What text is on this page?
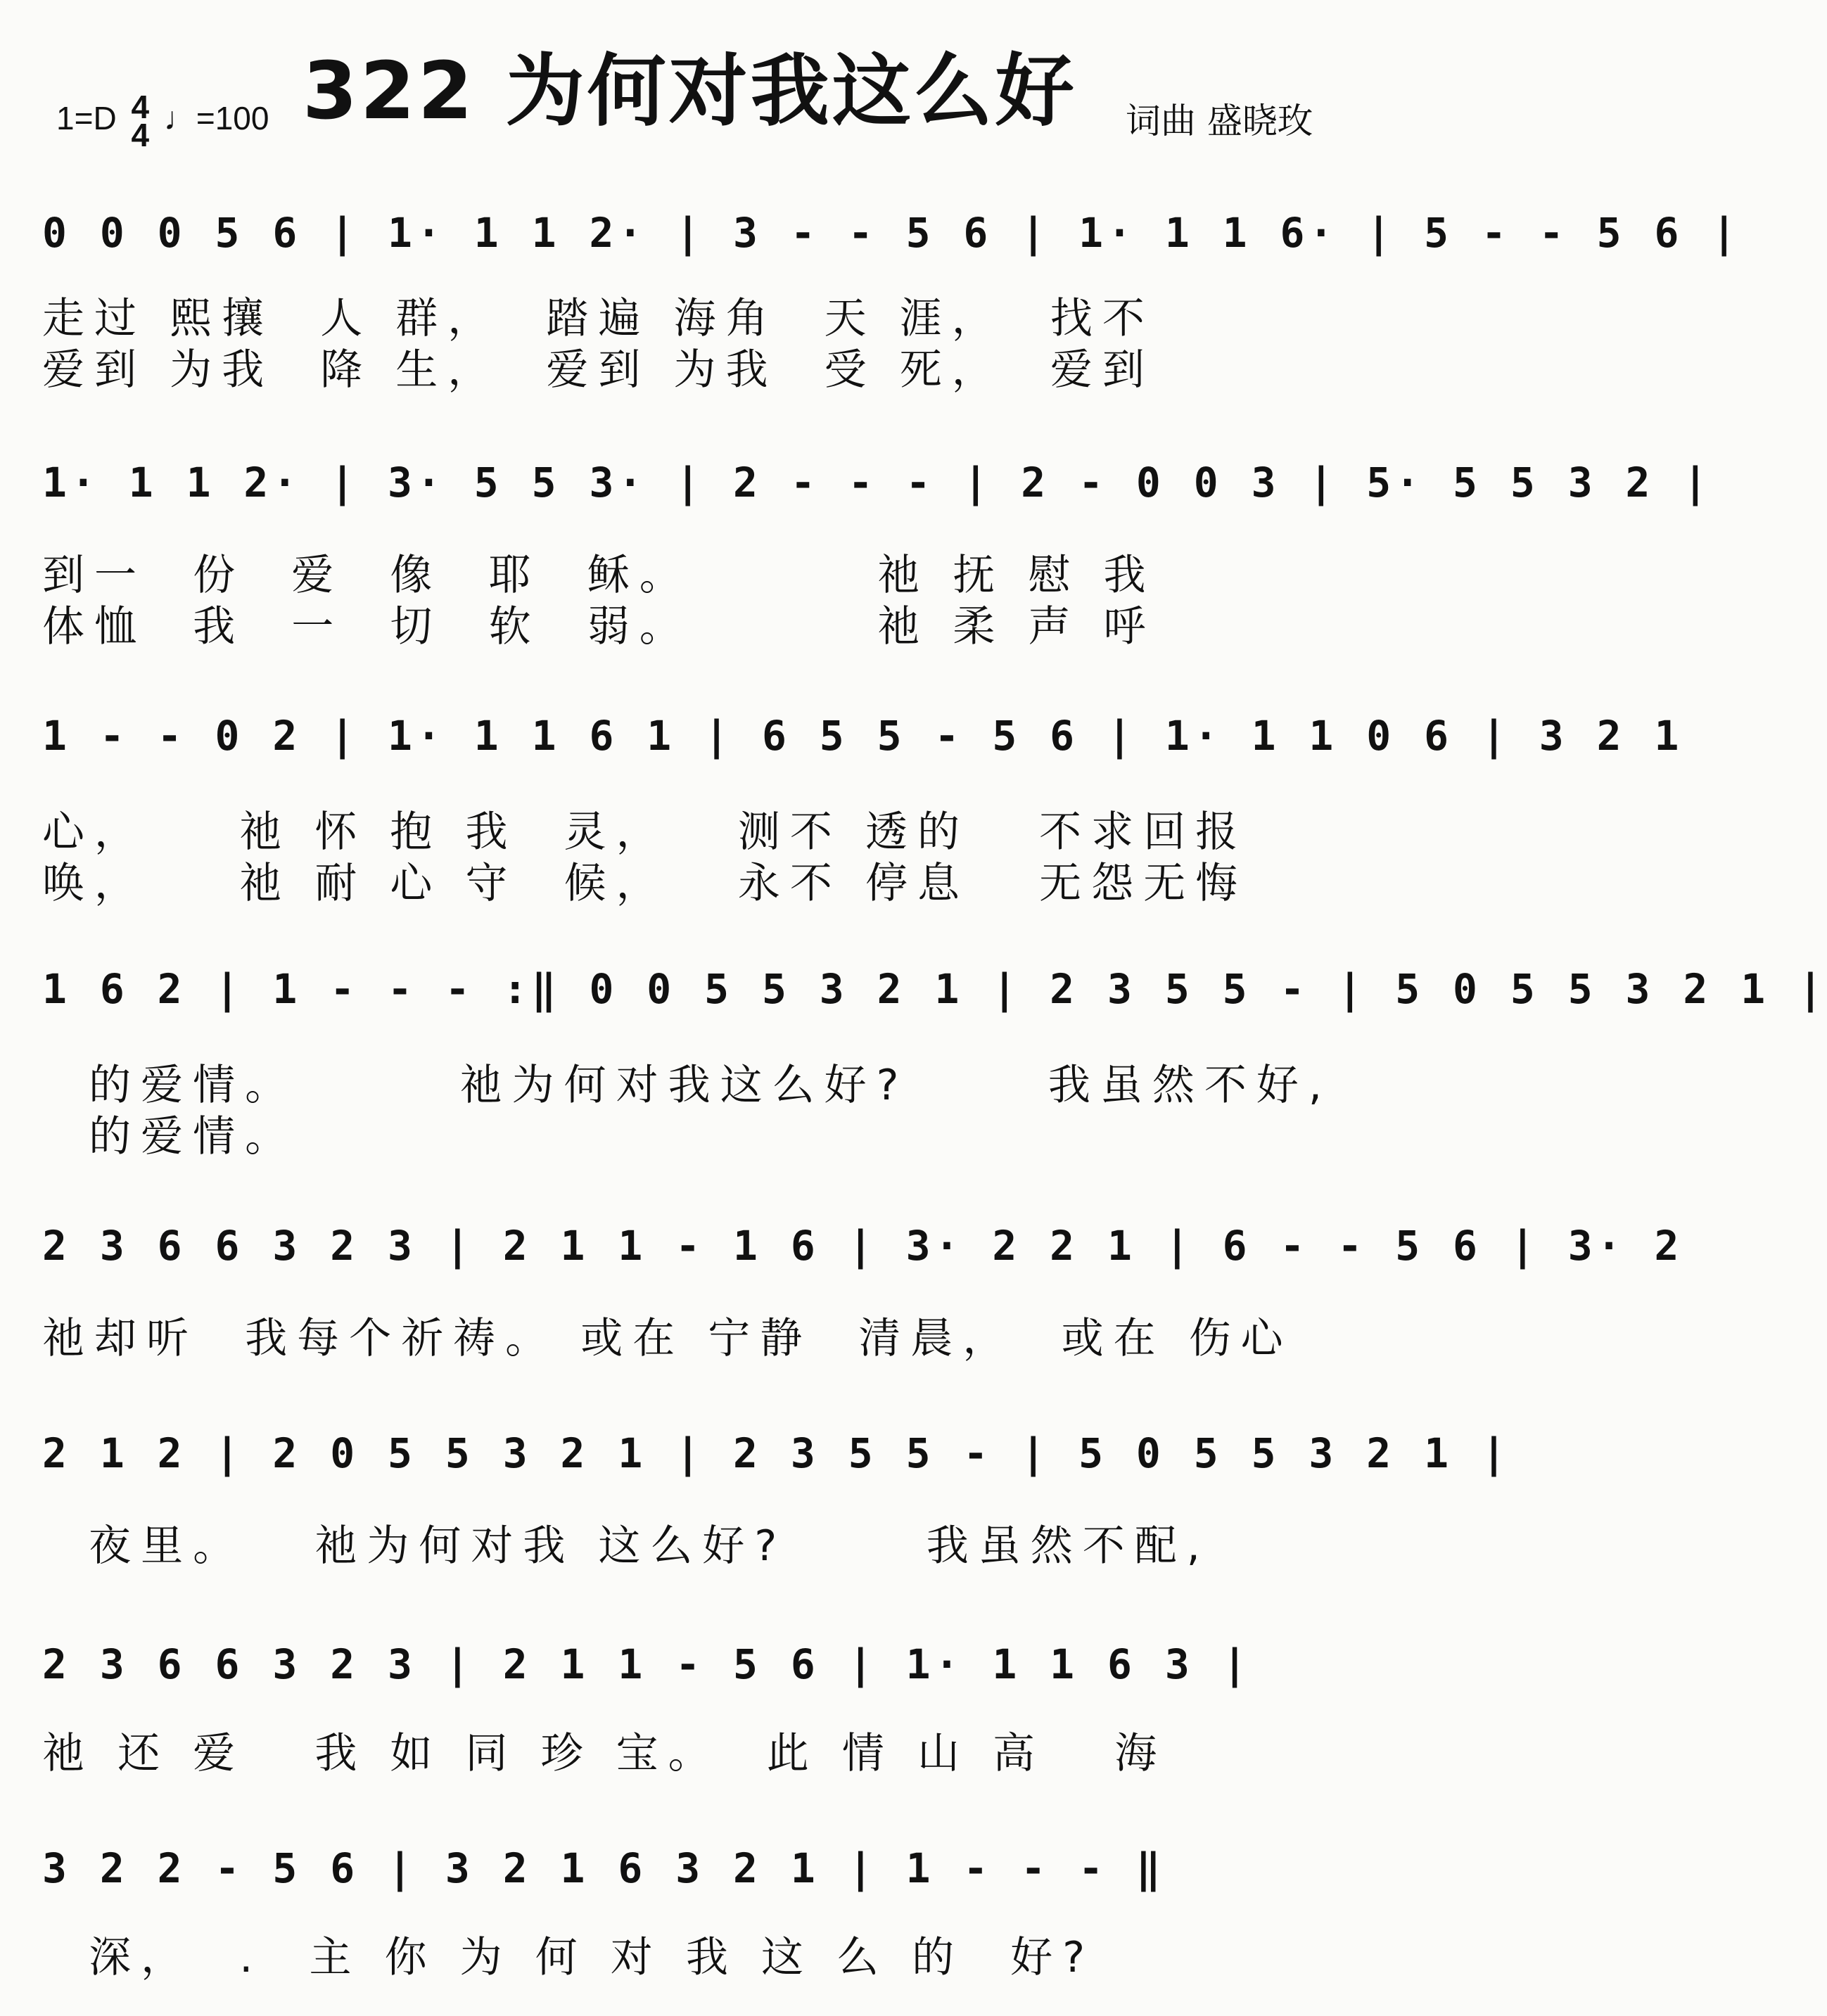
1=D 4
4 ♩=100 322 为何对我这么好 词曲 盛晓玫
0 0 0 5 6 | 1· 1 1 2· | 3 - - 5 6 | 1· 1 1 6· | 5 - - 5 6 |
走过 熙攘  人 群，  踏遍 海角  天 涯，  找不
爱到 为我  降 生，  爱到 为我  受 死，  爱到
1· 1 1 2· | 3· 5 5 3· | 2 - - - | 2 - 0 0 3 | 5· 5 5 3 2 |
到一  份  爱  像  耶  稣。        祂 抚 慰 我
体恤  我  一  切  软  弱。        祂 柔 声 呼
1 - - 0 2 | 1· 1 1 6 1 | 6 5 5 - 5 6 | 1· 1 1 0 6 | 3 2 1
心，    祂 怀 抱 我  灵，   测不 透的   不求回报
唤，    祂 耐 心 守  候，   永不 停息   无怨无悔
1 6 2 | 1 - - - :‖ 0 0 5 5 3 2 1 | 2 3 5 5 - | 5 0 5 5 3 2 1 |
的爱情。       祂为何对我这么好?      我虽然不好,
的爱情。
2 3 6 6 3 2 3 | 2 1 1 - 1 6 | 3· 2 2 1 | 6 - - 5 6 | 3· 2
祂却听  我每个祈祷。 或在 宁静  清晨，  或在 伤心
2 1 2 | 2 0 5 5 3 2 1 | 2 3 5 5 - | 5 0 5 5 3 2 1 |
夜里。   祂为何对我 这么好?      我虽然不配,
2 3 6 6 3 2 3 | 2 1 1 - 5 6 | 1· 1 1 6 3 |
祂 还 爱   我 如 同 珍 宝。  此 情 山 高   海
3 2 2 - 5 6 | 3 2 1 6 3 2 1 | 1 - - - ‖
深，  .  主 你 为 何 对 我 这 么 的  好?
